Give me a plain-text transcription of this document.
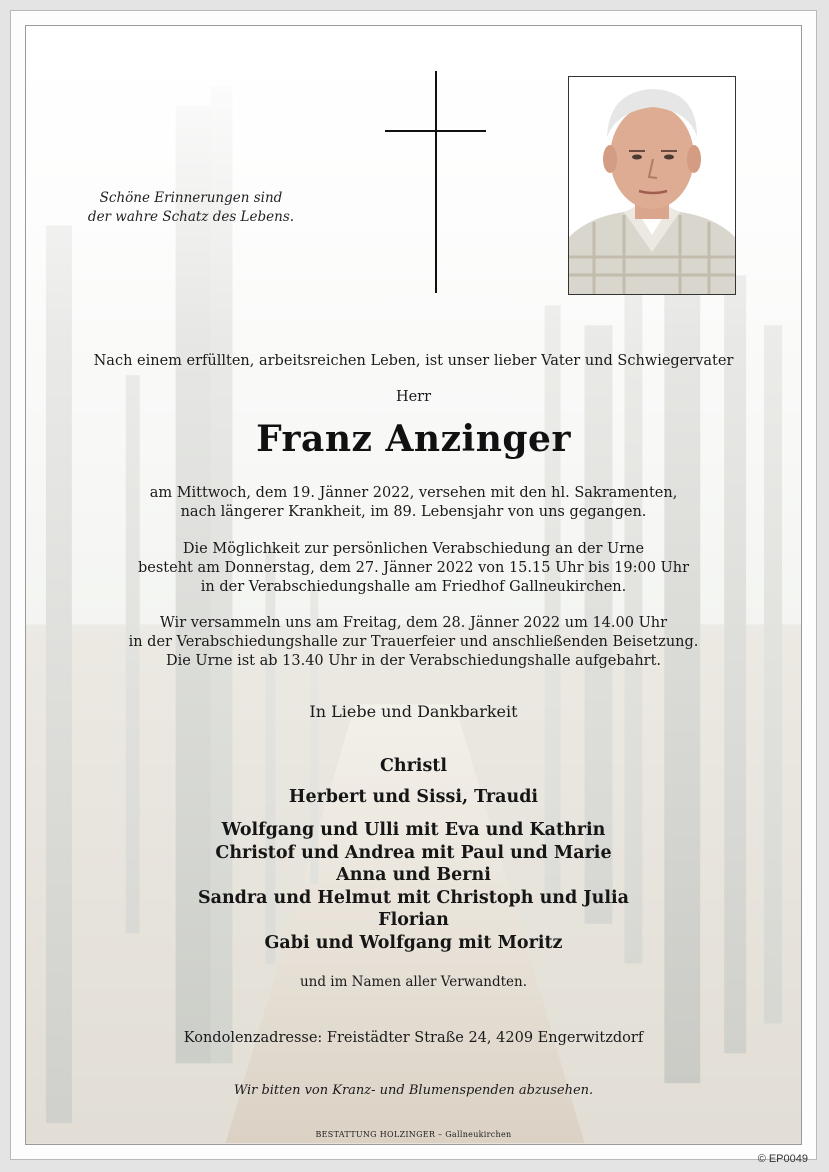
Schöne Erinnerungen sind
der wahre Schatz des Lebens.
Nach einem erfüllten, arbeitsreichen Leben, ist unser lieber Vater und Schwiegervater
Herr
Franz Anzinger
am Mittwoch, dem 19. Jänner 2022, versehen mit den hl. Sakramenten,
nach längerer Krankheit, im 89. Lebensjahr von uns gegangen.
Die Möglichkeit zur persönlichen Verabschiedung an der Urne
besteht am Donnerstag, dem 27. Jänner 2022 von 15.15 Uhr bis 19:00 Uhr
in der Verabschiedungshalle am Friedhof Gallneukirchen.
Wir versammeln uns am Freitag, dem 28. Jänner 2022 um 14.00 Uhr
in der Verabschiedungshalle zur Trauerfeier und anschließenden Beisetzung.
Die Urne ist ab 13.40 Uhr in der Verabschiedungshalle aufgebahrt.
In Liebe und Dankbarkeit
Christl
Herbert und Sissi, Traudi
Wolfgang und Ulli mit Eva und Kathrin
Christof und Andrea mit Paul und Marie
Anna und Berni
Sandra und Helmut mit Christoph und Julia
Florian
Gabi und Wolfgang mit Moritz
und im Namen aller Verwandten.
Kondolenzadresse: Freistädter Straße 24, 4209 Engerwitzdorf
Wir bitten von Kranz- und Blumenspenden abzusehen.
BESTATTUNG HOLZINGER – Gallneukirchen
© EP0049
